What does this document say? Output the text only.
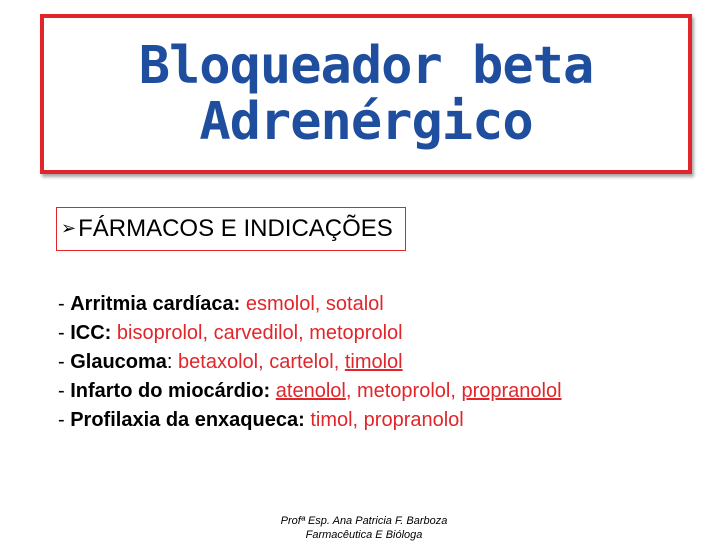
Bloqueador beta
Adrenérgico
➢FÁRMACOS E INDICAÇÕES
- Arritmia cardíaca: esmolol, sotalol
- ICC: bisoprolol, carvedilol, metoprolol
- Glaucoma: betaxolol, cartelol, timolol
- Infarto do miocárdio: atenolol, metoprolol, propranolol
- Profilaxia da enxaqueca: timol, propranolol
Profª Esp. Ana Patricia F. Barboza
Farmacêutica E Bióloga
